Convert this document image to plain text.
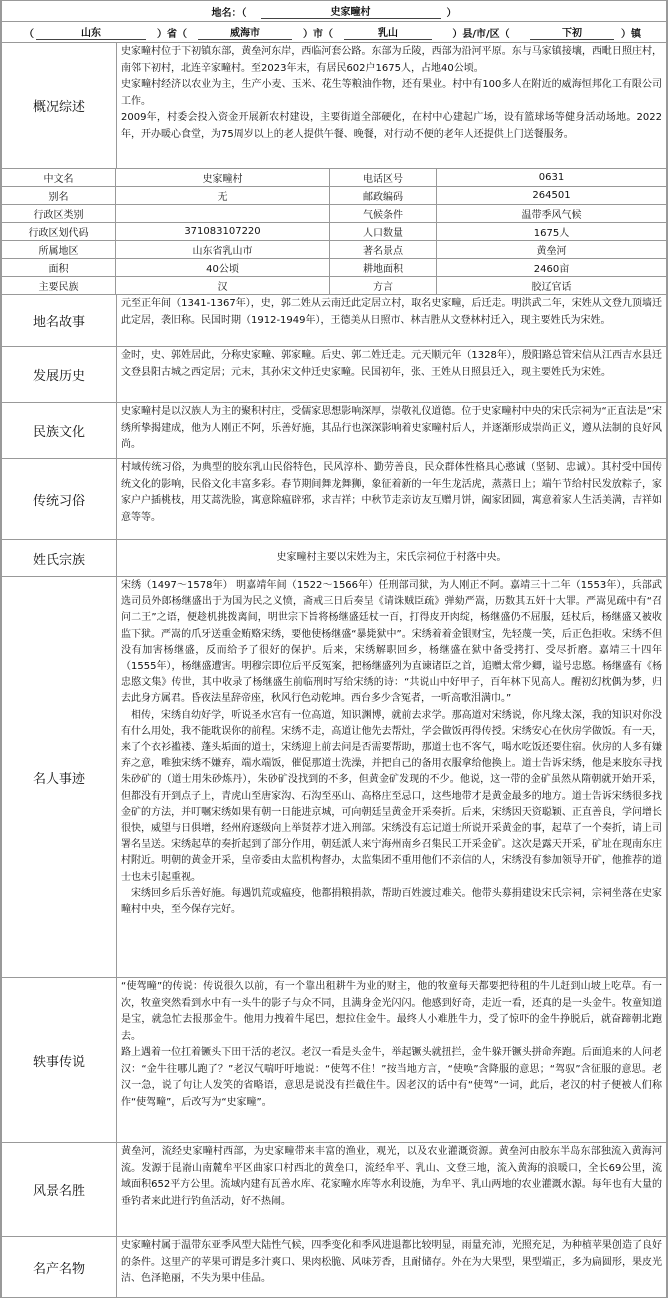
地名：（	史家疃村	）
（	山东	）省（	威海市	）市（	乳山	）县/市/区（	下初	）镇
概况综述

史家疃村位于下初镇东部，黄垒河东岸，西临河套公路。东部为丘陵，西部为沿河平原。东与马家镇接壤，西毗日照庄村，南邻下初村，北连辛家疃村。至2023年末，有居民602户1675人，占地40公顷。

史家疃村经济以农业为主，生产小麦、玉米、花生等粮油作物，还有果业。村中有100多人在附近的威海恒邦化工有限公司工作。

2009年，村委会投入资金开展新农村建设，主要街道全部硬化，在村中心建起广场，设有篮球场等健身活动场地。2022年，开办暖心食堂，为75周岁以上的老人提供午餐、晚餐，对行动不便的老年人还提供上门送餐服务。

中文名	史家疃村	电话区号	0631
别名	无	邮政编码	264501
行政区类别		气候条件	温带季风气候
行政区划代码	371083107220	人口数量	1675人
所属地区	山东省乳山市	著名景点	黄垒河
面积	40公顷	耕地面积	2460亩
主要民族	汉	方言	胶辽官话
地名故事

元至正年间（1341-1367年），史，郭二姓从云南迁此定居立村，取名史家疃，后迁走。明洪武二年，宋姓从文登九顶墙迁此定居，袭旧称。民国时期（1912-1949年），王德美从日照市、林吉胜从文登林村迁入，现主要姓氏为宋姓。

发展历史

金时，史、郭姓居此，分称史家疃、郭家疃。后史、郭二姓迁走。元天顺元年（1328年），殷阳路总管宋信从江西吉水县迁文登县阳古城之西定居；元末，其孙宋文仲迁史家疃。民国初年，张、王姓从日照县迁入，现主要姓氏为宋姓。

民族文化

史家疃村是以汉族人为主的聚积村庄，受儒家思想影响深厚，崇敬礼仪道德。位于史家疃村中央的宋氏宗祠为“正直法是”宋绣所挚揭建成，他为人刚正不阿，乐善好施，其品行也深深影响着史家疃村后人，并逐渐形成崇尚正义，遵从法制的良好风尚。

传统习俗

村域传统习俗，为典型的胶东乳山民俗特色，民风淳朴、勤劳善良，民众群体性格具心憨诚（坚韧、忠诚）。其村受中国传统文化的影响，民俗文化丰富多彩。春节期间舞龙舞狮，象征着新的一年生龙活虎，蒸蒸日上；端午节给村民发放粽子，家家户户插桃枝，用艾蒿洗脸，寓意除瘟辟邪，求吉祥；中秋节走亲访友互赠月饼，阖家团圆，寓意着家人生活美满，吉祥如意等等。

姓氏宗族	史家疃村主要以宋姓为主，宋氏宗祠位于村落中央。

名人事迹

宋绣（1497～1578年） 明嘉靖年间（1522～1566年）任刑部司狱，为人刚正不阿。嘉靖三十二年（1553年），兵部武选司员外郎杨继盛出于为国为民之义愤，斋戒三日后奏呈《请诛贼臣疏》弹劾严嵩，历数其五奸十大罪。严嵩见疏中有“召问二王”之语，便趁机挑拨离间，明世宗下旨将杨继盛廷杖一百，打得皮开肉绽，杨继盛仍不屈服，廷杖后，杨继盛又被收监下狱。严嵩的爪牙送重金贿赂宋绣，要他使杨继盛“暴毙狱中”。宋绣着着金银财宝，先轻蔑一笑，后正色拒收。宋绣不但没有加害杨继盛，反而给予了很好的保护。后来，宋绣解职回乡，杨继盛在狱中备受拷打、受尽折磨。嘉靖三十四年（1555年），杨继盛遭害。明穆宗即位后平反冤案，把杨继盛列为直谏诸臣之首，追赠太常少卿，谥号忠愍。杨继盛有《杨忠愍文集》传世，其中收录了杨继盛生前临刑时写给宋绣的诗：“共说山中好甲子，百年林下见高人。醒初幻枕偶为梦，归去此身方属君。昏夜法星辞帝座，秋风行色动乾坤。西台多少含冤者，一听高歌泪满巾。”

相传，宋绣自幼好学，听说圣水宫有一位高道，知识渊博，就前去求学。那高道对宋绣说，你凡缘太深，我的知识对你没有什么用处，我不能耽误你的前程。宋绣不走，高道让他先去帮灶，学会做饭再得传授。宋绣安心在伙房学做饭。有一天，来了个衣衫褴褛、蓬头垢面的道士，宋绣迎上前去问是否需要帮助，那道士也不客气，喝水吃饭还要住宿。伙房的人多有嫌弃之意，唯独宋绣不嫌弃，端水端饭，催促那道士洗澡，并把自己的备用衣服拿给他换上。道士告诉宋绣，他是来胶东寻找朱砂矿的（道士用朱砂炼丹），朱砂矿没找到的不多，但黄金矿发现的不少。他说，这一带的金矿虽然从隋朝就开始开采，但都没有开到点子上，青虎山至唐家沟、石沟至巫山、高格庄至忌口，这些地带才是黄金最多的地方。道士告诉宋绣很多找金矿的方法，并叮嘱宋绣如果有朝一日能进京城，可向朝廷呈黄金开采奏折。后来，宋绣因天资聪颖、正直善良，学问增长很快，威望与日俱增，经州府逐级向上举贤荐才进入刑部。宋绣没有忘记道士所说开采黄金的事，起草了一个奏折，请上司署名呈送。宋绣起草的奏折起到了部分作用，朝廷派人来宁海州南乡召集民工开采金矿。这次是露天开采，矿址在现南东庄村附近。明朝的黄金开采，皇帝委由太监机构督办，太监集团不重用他们不亲信的人，宋绣没有参加领导开矿，他推荐的道士也未引起重视。

宋绣回乡后乐善好施。每遇饥荒或瘟疫，他都捐粮捐款，帮助百姓渡过难关。他带头募捐建设宋氏宗祠，宗祠坐落在史家疃村中央，至今保存完好。

轶事传说

“使驾疃”的传说：传说很久以前，有一个靠出租耕牛为业的财主，他的牧童每天都要把待租的牛儿赶到山坡上吃草。有一次，牧童突然看到水中有一头牛的影子与众不同，且满身金光闪闪。他感到好奇，走近一看，还真的是一头金牛。牧童知道是宝，就急忙去报那金牛。他用力拽着牛尾巴，想拉住金牛。最终人小难胜牛力，受了惊吓的金牛挣脱后，就奋蹄朝北跑去。

路上遇着一位扛着镢头下田干活的老汉。老汉一看是头金牛，举起镢头就扭拦，金牛躲开镢头拼命奔跑。后面追来的人问老汉：“金牛往哪儿跑了？”老汉气喘吁吁地说：“使驾不住！”按当地方言，“使唤”含降服的意思；“驾驭”含征服的意思。老汉一急，说了句让人发笑的省略语，意思是说没有拦截住牛。因老汉的话中有“使驾”一词，此后，老汉的村子便被人们称作“使驾疃”，后改写为“史家疃”。

风景名胜

黄垒河，流经史家疃村西部，为史家疃带来丰富的渔业，观光，以及农业灌溉资源。黄垒河由胶东半岛东部独流入黄海河流。发源于昆嵛山南麓牟平区曲家口村西北的黄垒口，流经牟平、乳山、文登三地，流入黄海的浪暖口，全长69公里，流域面积652平方公里。流域内建有瓦善水库、花家疃水库等水利设施，为牟平、乳山两地的农业灌溉水源。每年也有大量的垂钓者来此进行钓鱼活动，好不热闹。

名产名物

史家疃村属于温带东亚季风型大陆性气候，四季变化和季风进退都比较明显，雨量充沛，光照充足，为种植苹果创造了良好的条件。这里产的苹果可谓是多汁爽口、果肉松脆、风味芳香，且耐储存。外在为大果型，果型端正，多为扁圆形，果皮光洁、色泽艳丽，不失为果中佳品。
